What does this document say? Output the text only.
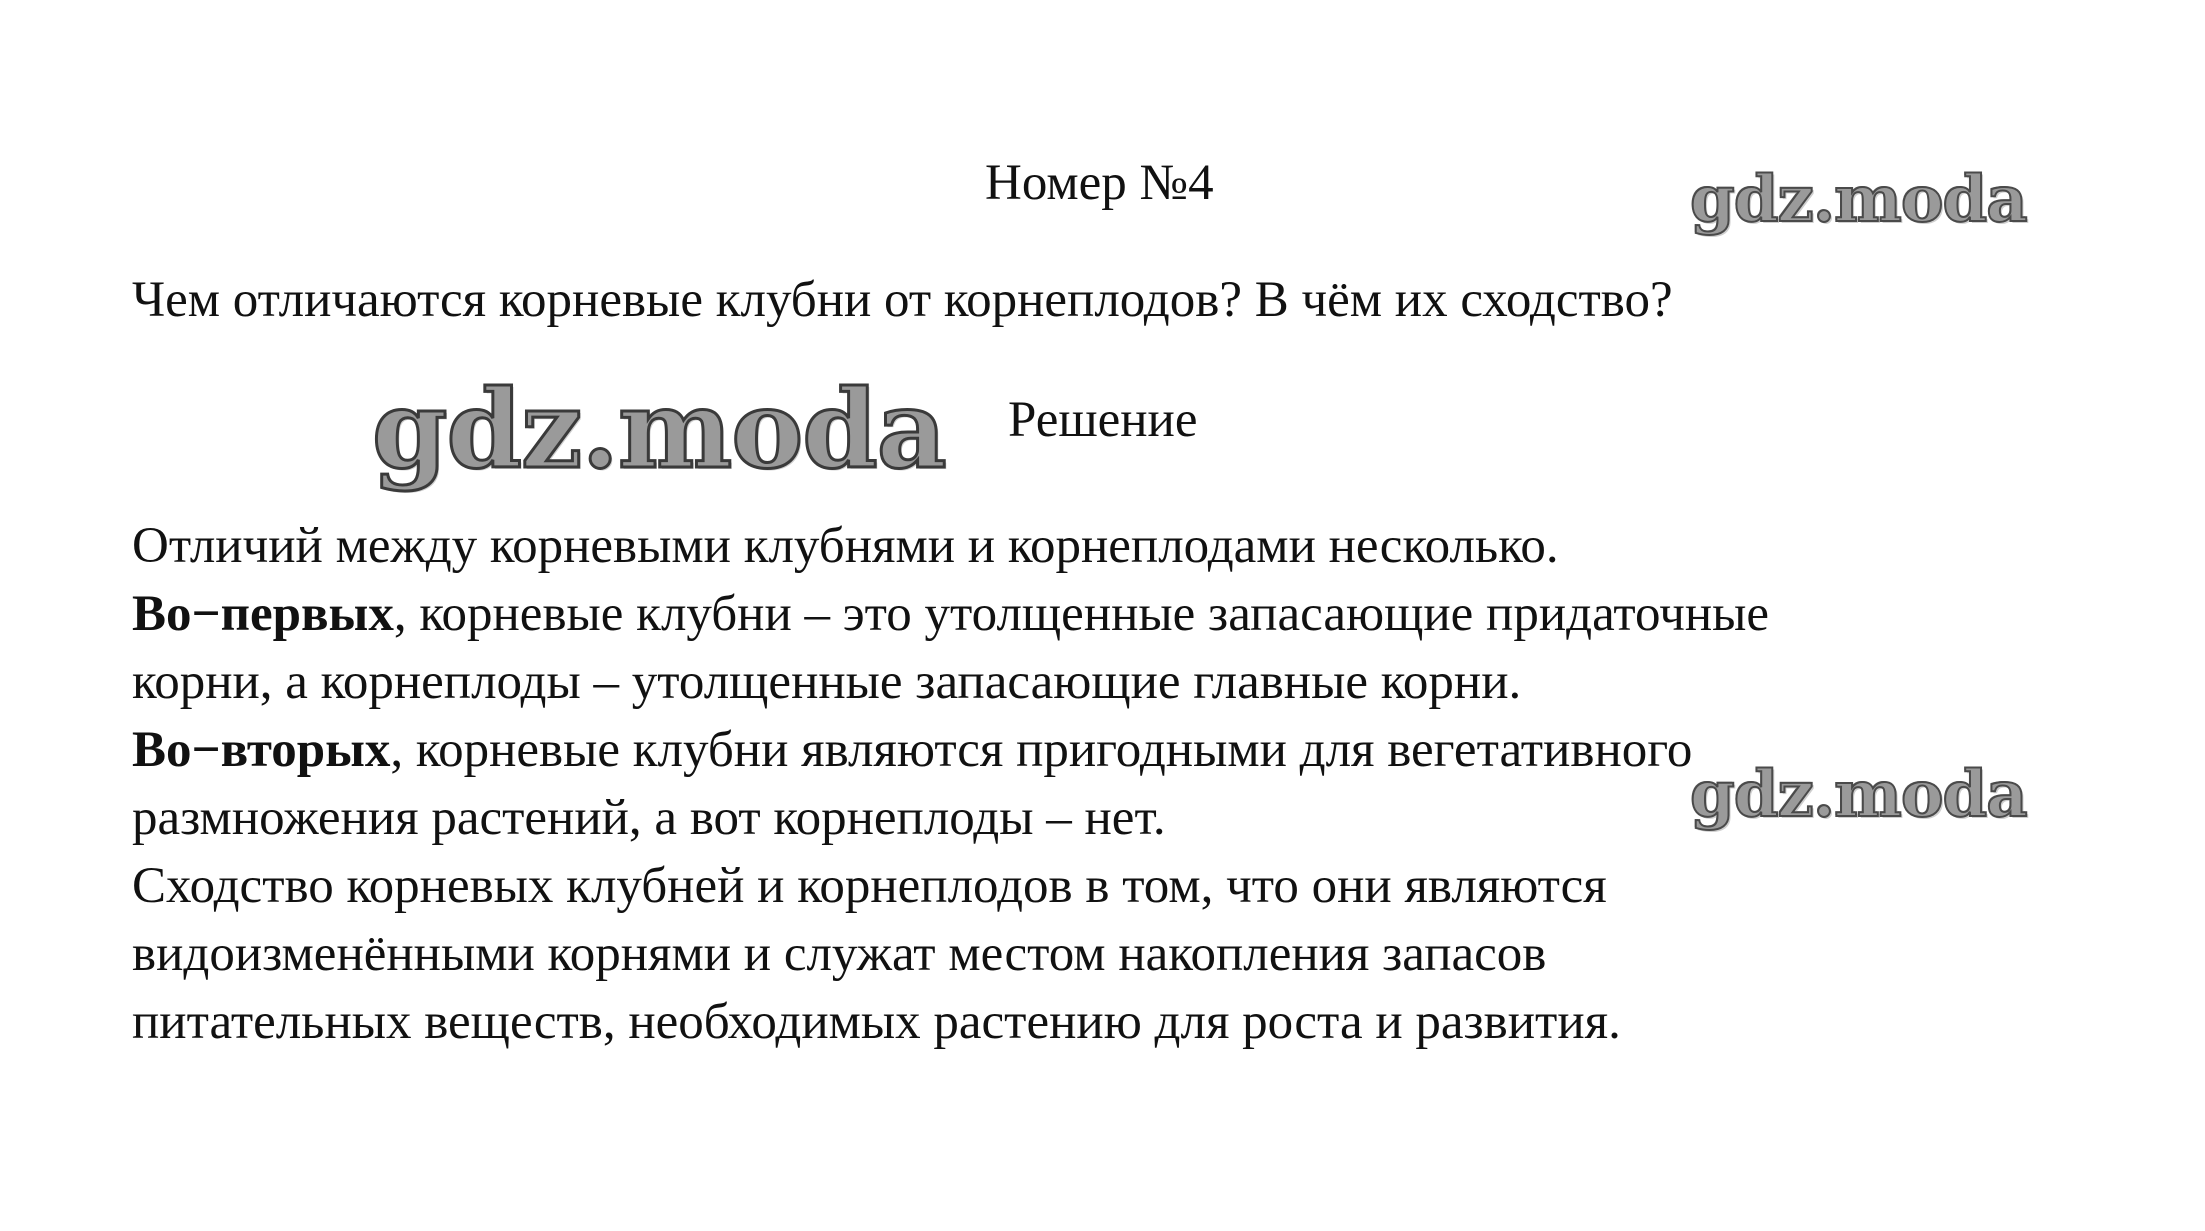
Номер №4	gdz.moda
Чем отличаются корневые клубни от корнеплодов? В чём их сходство?
gdz.moda Решение
Отличий между корневыми клубнями и корнеплодами несколько.
Во−первых, корневые клубни – это утолщенные запасающие придаточные
корни, а корнеплоды – утолщенные запасающие главные корни.
Во−вторых, корневые клубни являются пригодными для вегетативного
размножения растений, а вот корнеплоды – нет.
Сходство корневых клубней и корнеплодов в том, что они являются
видоизменёнными корнями и служат местом накопления запасов
питательных веществ, необходимых растению для роста и развития.
gdz.moda
